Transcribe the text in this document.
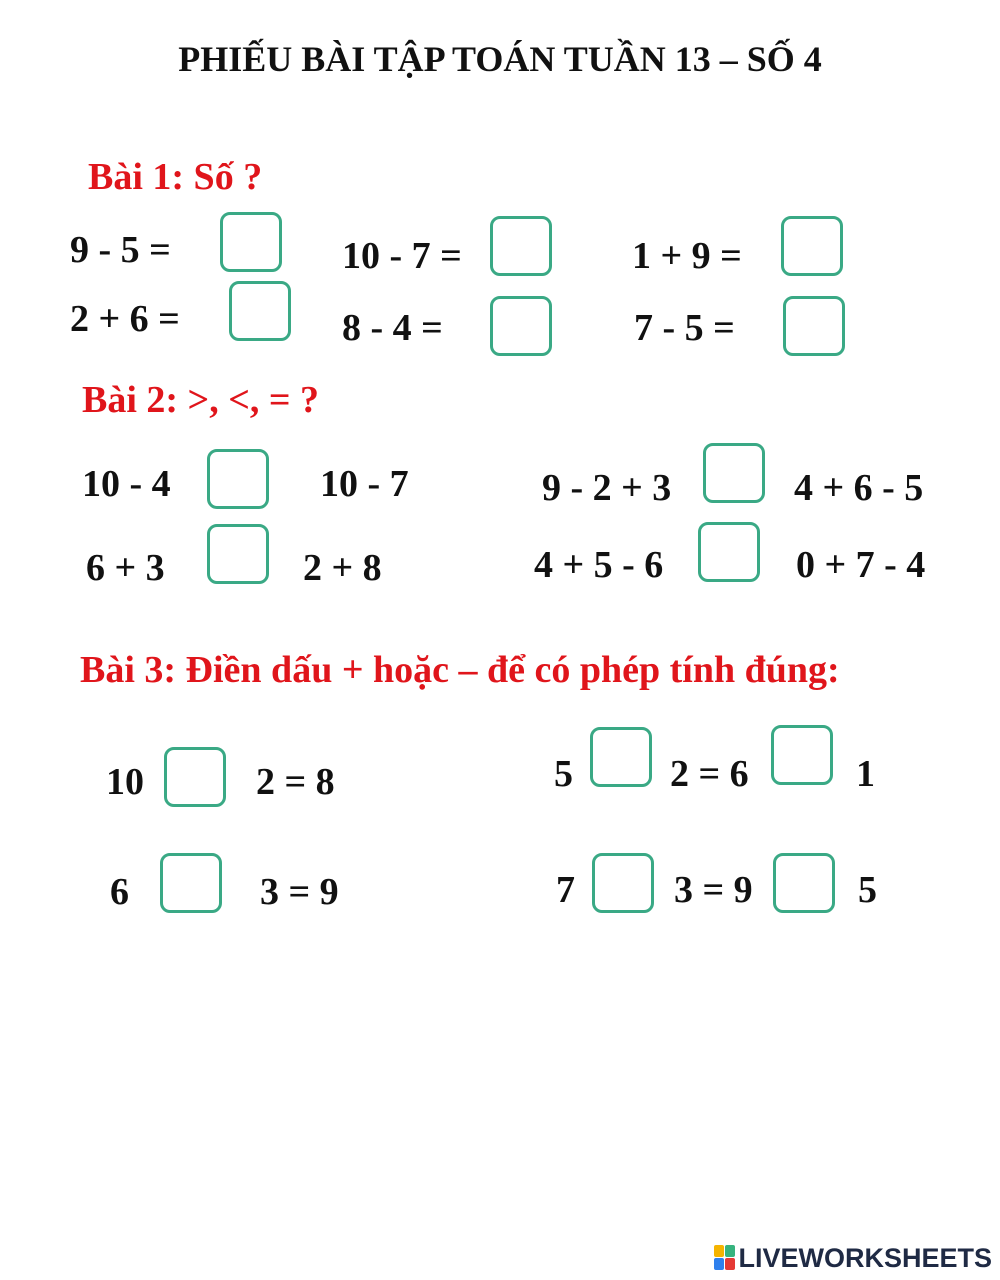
PHIẾU BÀI TẬP TOÁN TUẦN 13 – SỐ 4
Bài 1: Số ?
9 - 5 =	10 - 7 =	1 + 9 =
2 + 6 =	8 - 4 =	7 - 5 =
Bài 2: >, <, = ?
10 - 4	10 - 7	9 - 2 + 3	4 + 6 - 5
6 + 3	2 + 8	4 + 5 - 6	0 + 7 - 4
Bài 3: Điền dấu + hoặc – để có phép tính đúng:
10	2 = 8	5	2 = 6	1
6	3 = 9	7	3 = 9	5
LIVEWORKSHEETS
